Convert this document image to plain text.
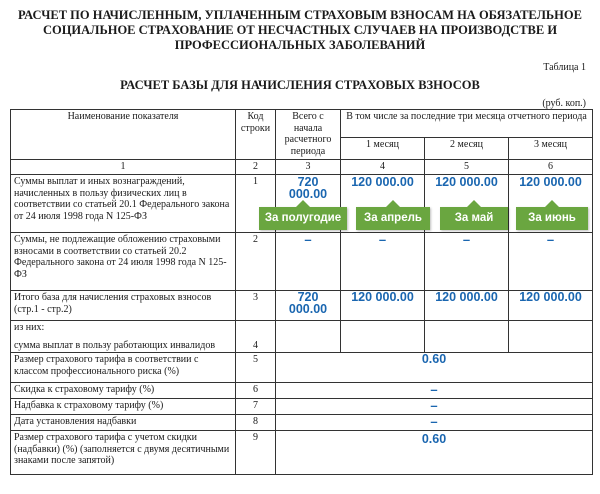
РАСЧЕТ ПО НАЧИСЛЕННЫМ, УПЛАЧЕННЫМ СТРАХОВЫМ ВЗНОСАМ НА ОБЯЗАТЕЛЬНОЕ
СОЦИАЛЬНОЕ СТРАХОВАНИЕ ОТ НЕСЧАСТНЫХ СЛУЧАЕВ НА ПРОИЗВОДСТВЕ И
ПРОФЕССИОНАЛЬНЫХ ЗАБОЛЕВАНИЙ
Таблица 1
РАСЧЕТ БАЗЫ ДЛЯ НАЧИСЛЕНИЯ СТРАХОВЫХ ВЗНОСОВ
(руб. коп.)
Наименование показателя	Код строки	Всего с начала расчетного периода	В том числе за последние три месяца отчетного периода		
			1 месяц	2 месяц	3 месяц
1	2	3	4	5	6
Суммы выплат и иных вознаграждений, начисленных в пользу физических лиц в соответствии со статьей 20.1 Федерального закона от 24 июля 1998 года N 125-ФЗ	1	720 000.00	120 000.00	120 000.00	120 000.00
Суммы, не подлежащие обложению страховыми взносами в соответствии со статьей 20.2 Федерального закона от 24 июля 1998 года N 125-ФЗ	2	–	–	–	–
Итого база для начисления страховых взносов (стр.1 - стр.2)	3	720 000.00	120 000.00	120 000.00	120 000.00

из них:
сумма выплат в пользу работающих инвалидов	4				
Размер страхового тарифа в соответствии с классом профессионального риска (%)	5	0.60			
Скидка к страховому тарифу (%)	6	–			
Надбавка к страховому тарифу (%)	7	–			
Дата установления надбавки	8	–			
Размер страхового тарифа с учетом скидки (надбавки) (%) (заполняется с двумя десятичными знаками после запятой)	9	0.60			
За полугодие	За апрель	За май	За июнь
